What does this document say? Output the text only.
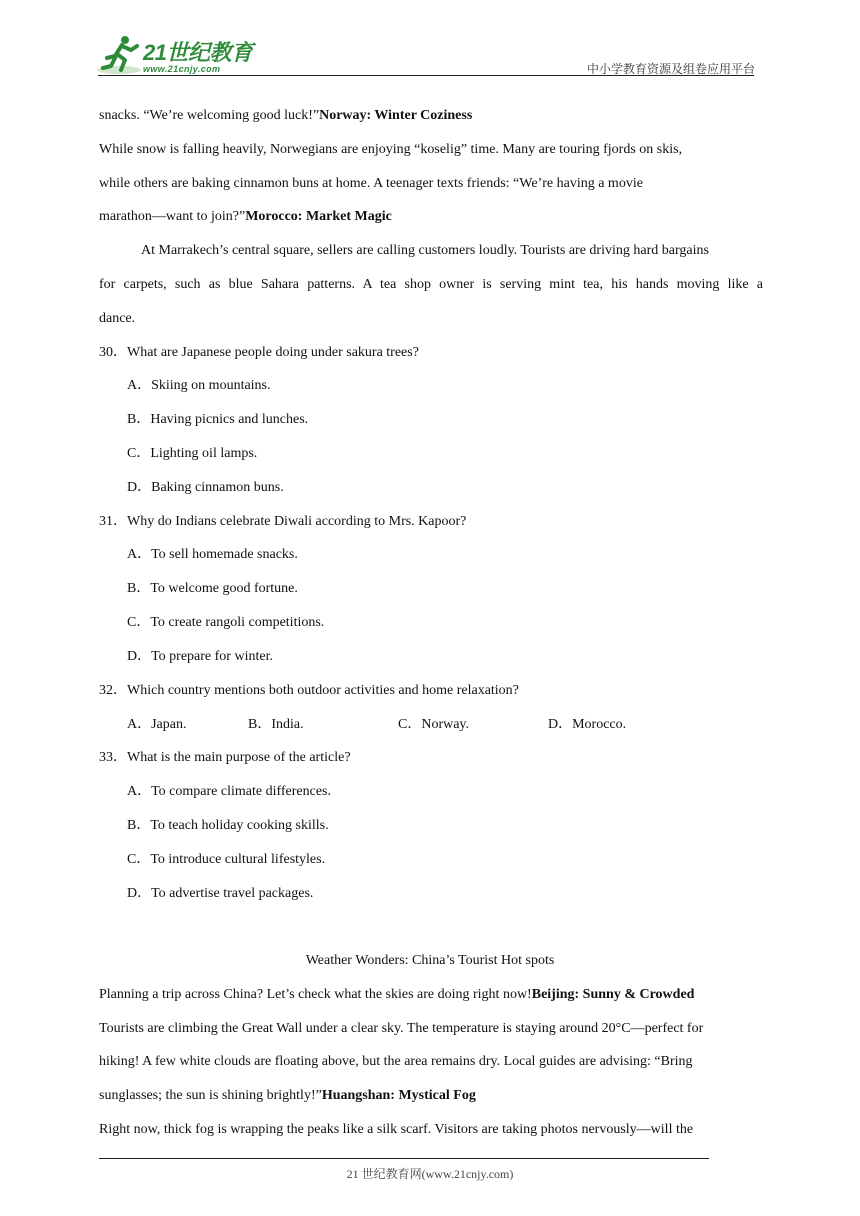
21世纪教育
www.21cnjy.com	中小学教育资源及组卷应用平台
snacks. “We’re welcoming good luck!”Norway: Winter Coziness
While snow is falling heavily, Norwegians are enjoying “koselig” time. Many are touring fjords on skis,
while others are baking cinnamon buns at home. A teenager texts friends: “We’re having a movie
marathon—want to join?”Morocco: Market Magic
At Marrakech’s central square, sellers are calling customers loudly. Tourists are driving hard bargains
for carpets, such as blue Sahara patterns. A tea shop owner is serving mint tea, his hands moving like a
dance.
30．What are Japanese people doing under sakura trees?
A．Skiing on mountains.
B．Having picnics and lunches.
C．Lighting oil lamps.
D．Baking cinnamon buns.
31．Why do Indians celebrate Diwali according to Mrs. Kapoor?
A．To sell homemade snacks.
B．To welcome good fortune.
C．To create rangoli competitions.
D．To prepare for winter.
32．Which country mentions both outdoor activities and home relaxation?
A．Japan.	B．India.	C．Norway.	D．Morocco.
33．What is the main purpose of the article?
A．To compare climate differences.
B．To teach holiday cooking skills.
C．To introduce cultural lifestyles.
D．To advertise travel packages.
Weather Wonders: China’s Tourist Hot spots
Planning a trip across China? Let’s check what the skies are doing right now!Beijing: Sunny & Crowded
Tourists are climbing the Great Wall under a clear sky. The temperature is staying around 20°C—perfect for
hiking! A few white clouds are floating above, but the area remains dry. Local guides are advising: “Bring
sunglasses; the sun is shining brightly!”Huangshan: Mystical Fog
Right now, thick fog is wrapping the peaks like a silk scarf. Visitors are taking photos nervously—will the
21 世纪教育网(www.21cnjy.com)
